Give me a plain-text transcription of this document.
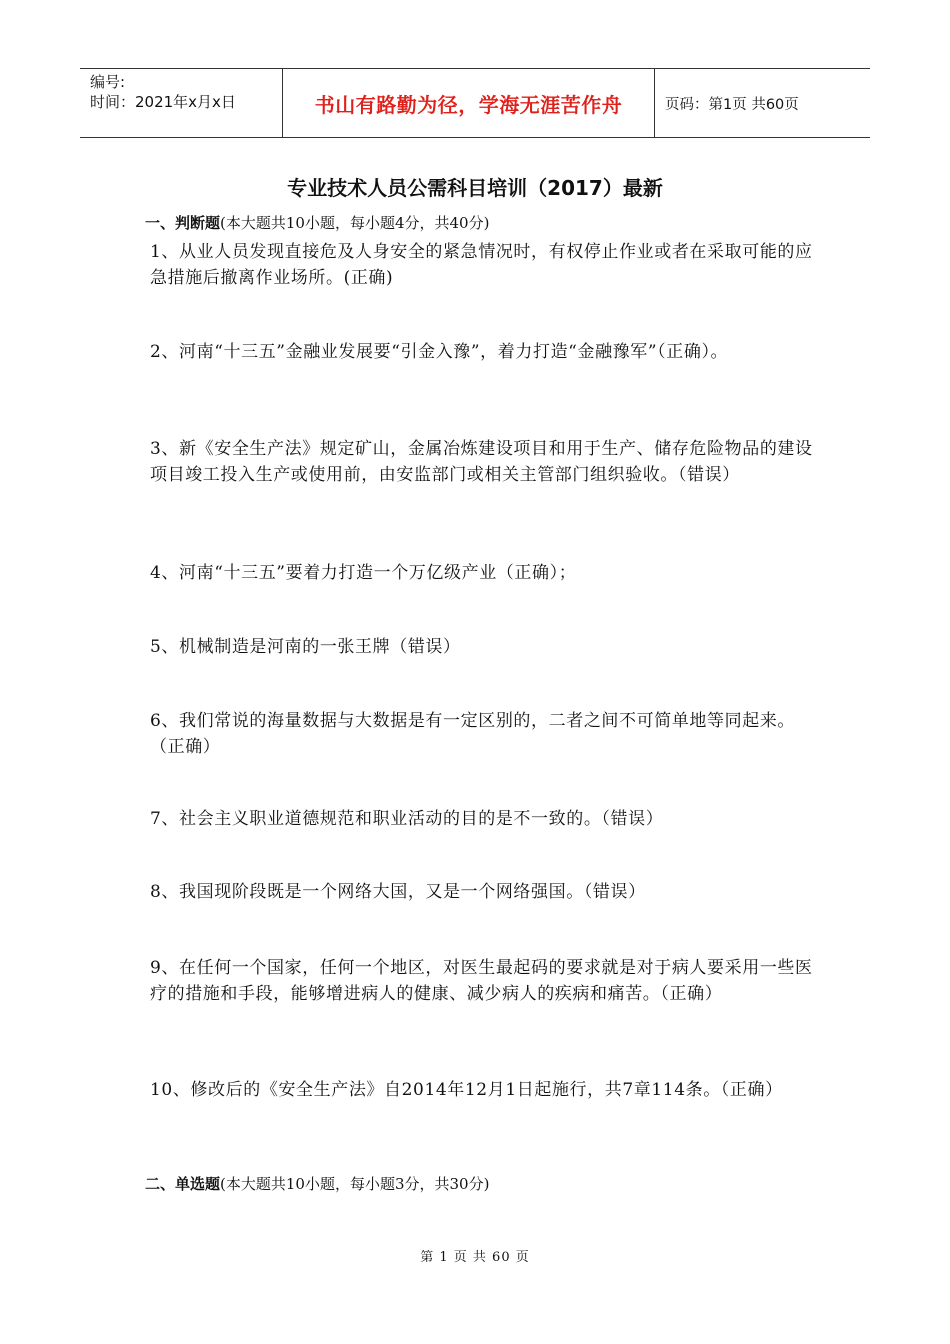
编号:
时间：2021年x月x日	书山有路勤为径，学海无涯苦作舟	页码：第1页 共60页
专业技术人员公需科目培训（2017）最新
一、判断题(本大题共10小题，每小题4分，共40分)
1、从业人员发现直接危及人身安全的紧急情况时，有权停止作业或者在采取可能的应急措施后撤离作业场所。(正确)
2、河南“十三五”金融业发展要“引金入豫”，着力打造“金融豫军”（正确）。
3、新《安全生产法》规定矿山，金属冶炼建设项目和用于生产、储存危险物品的建设项目竣工投入生产或使用前，由安监部门或相关主管部门组织验收。（错误）
4、河南“十三五”要着力打造一个万亿级产业（正确）；
5、机械制造是河南的一张王牌（错误）
6、我们常说的海量数据与大数据是有一定区别的，二者之间不可简单地等同起来。（正确）
7、社会主义职业道德规范和职业活动的目的是不一致的。（错误）
8、我国现阶段既是一个网络大国，又是一个网络强国。（错误）
9、在任何一个国家，任何一个地区，对医生最起码的要求就是对于病人要采用一些医疗的措施和手段，能够增进病人的健康、减少病人的疾病和痛苦。（正确）
10、修改后的《安全生产法》自2014年12月1日起施行，共7章114条。（正确）
二、单选题(本大题共10小题，每小题3分，共30分)
第 1 页 共 60 页
